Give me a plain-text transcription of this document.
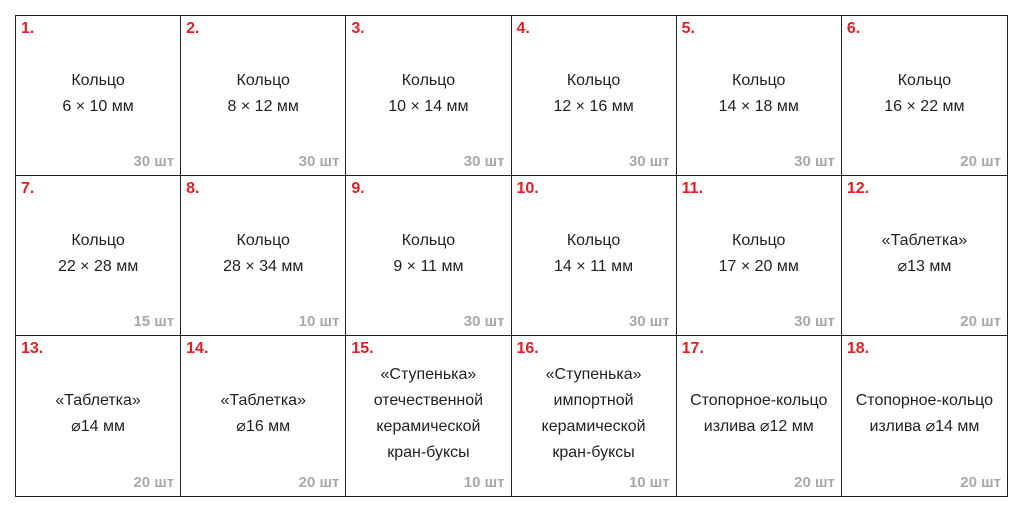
1.
Кольцо
6 × 10 мм
30 шт
2.
Кольцо
8 × 12 мм
30 шт
3.
Кольцо
10 × 14 мм
30 шт
4.
Кольцо
12 × 16 мм
30 шт
5.
Кольцо
14 × 18 мм
30 шт
6.
Кольцо
16 × 22 мм
20 шт
7.
Кольцо
22 × 28 мм
15 шт
8.
Кольцо
28 × 34 мм
10 шт
9.
Кольцо
9 × 11 мм
30 шт
10.
Кольцо
14 × 11 мм
30 шт
11.
Кольцо
17 × 20 мм
30 шт
12.
«Таблетка»
⌀13 мм
20 шт
13.
«Таблетка»
⌀14 мм
20 шт
14.
«Таблетка»
⌀16 мм
20 шт
15.
«Ступенька»
отечественной
керамической
кран-буксы
10 шт
16.
«Ступенька»
импортной
керамической
кран-буксы
10 шт
17.
Стопорное-кольцо
излива ⌀12 мм
20 шт
18.
Стопорное-кольцо
излива ⌀14 мм
20 шт
